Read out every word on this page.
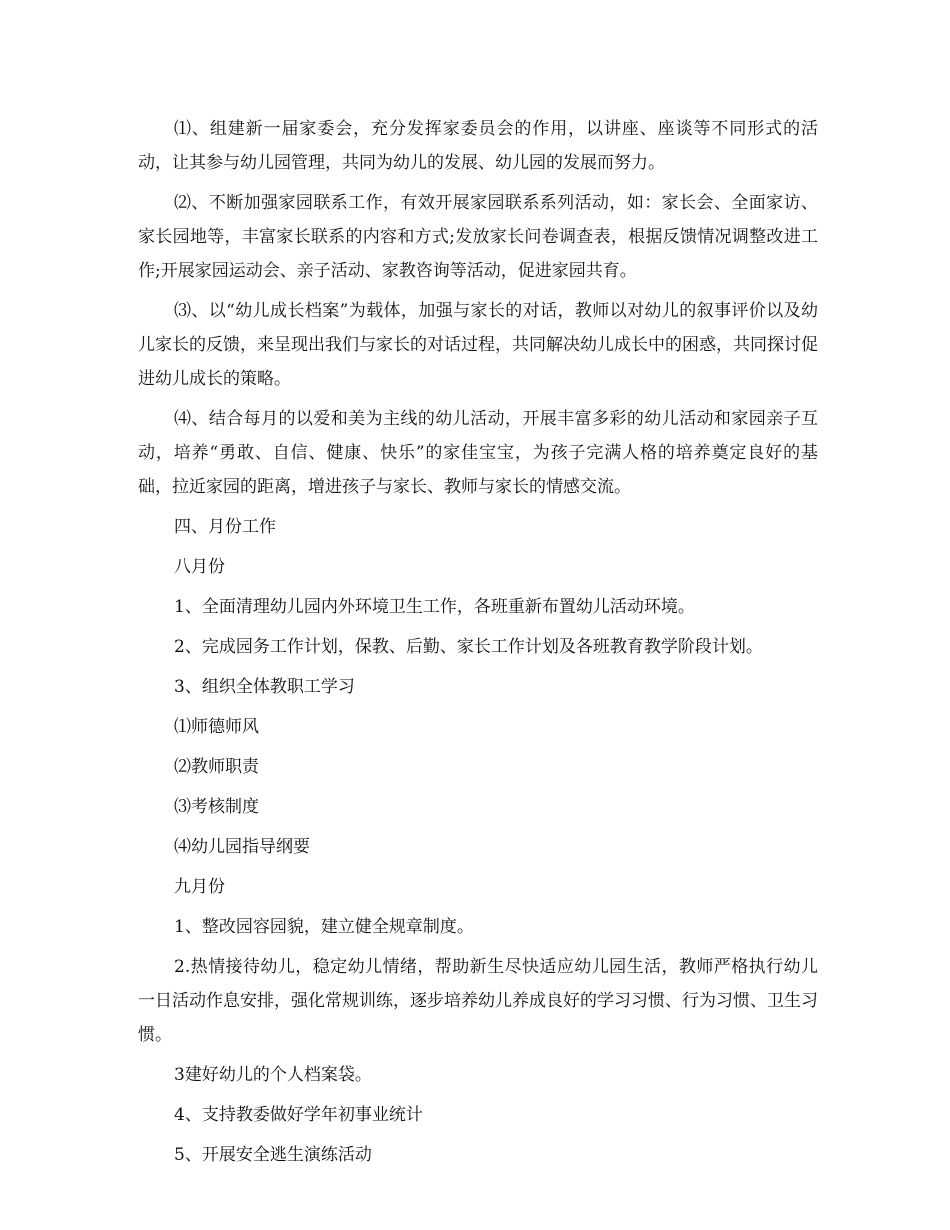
⑴、组建新一届家委会，充分发挥家委员会的作用，以讲座、座谈等不同形式的活动，让其参与幼儿园管理，共同为幼儿的发展、幼儿园的发展而努力。

⑵、不断加强家园联系工作，有效开展家园联系系列活动，如：家长会、全面家访、家长园地等，丰富家长联系的内容和方式;发放家长问卷调查表，根据反馈情况调整改进工作;开展家园运动会、亲子活动、家教咨询等活动，促进家园共育。

⑶、以“幼儿成长档案”为载体，加强与家长的对话，教师以对幼儿的叙事评价以及幼儿家长的反馈，来呈现出我们与家长的对话过程，共同解决幼儿成长中的困惑，共同探讨促进幼儿成长的策略。

⑷、结合每月的以爱和美为主线的幼儿活动，开展丰富多彩的幼儿活动和家园亲子互动，培养“勇敢、自信、健康、快乐”的家佳宝宝，为孩子完满人格的培养奠定良好的基础，拉近家园的距离，增进孩子与家长、教师与家长的情感交流。

四、月份工作

八月份

1、全面清理幼儿园内外环境卫生工作，各班重新布置幼儿活动环境。

2、完成园务工作计划，保教、后勤、家长工作计划及各班教育教学阶段计划。

3、组织全体教职工学习

⑴师德师风

⑵教师职责

⑶考核制度

⑷幼儿园指导纲要

九月份

1、整改园容园貌，建立健全规章制度。

2.热情接待幼儿，稳定幼儿情绪，帮助新生尽快适应幼儿园生活，教师严格执行幼儿一日活动作息安排，强化常规训练，逐步培养幼儿养成良好的学习习惯、行为习惯、卫生习惯。

3建好幼儿的个人档案袋。

4、支持教委做好学年初事业统计

5、开展安全逃生演练活动
